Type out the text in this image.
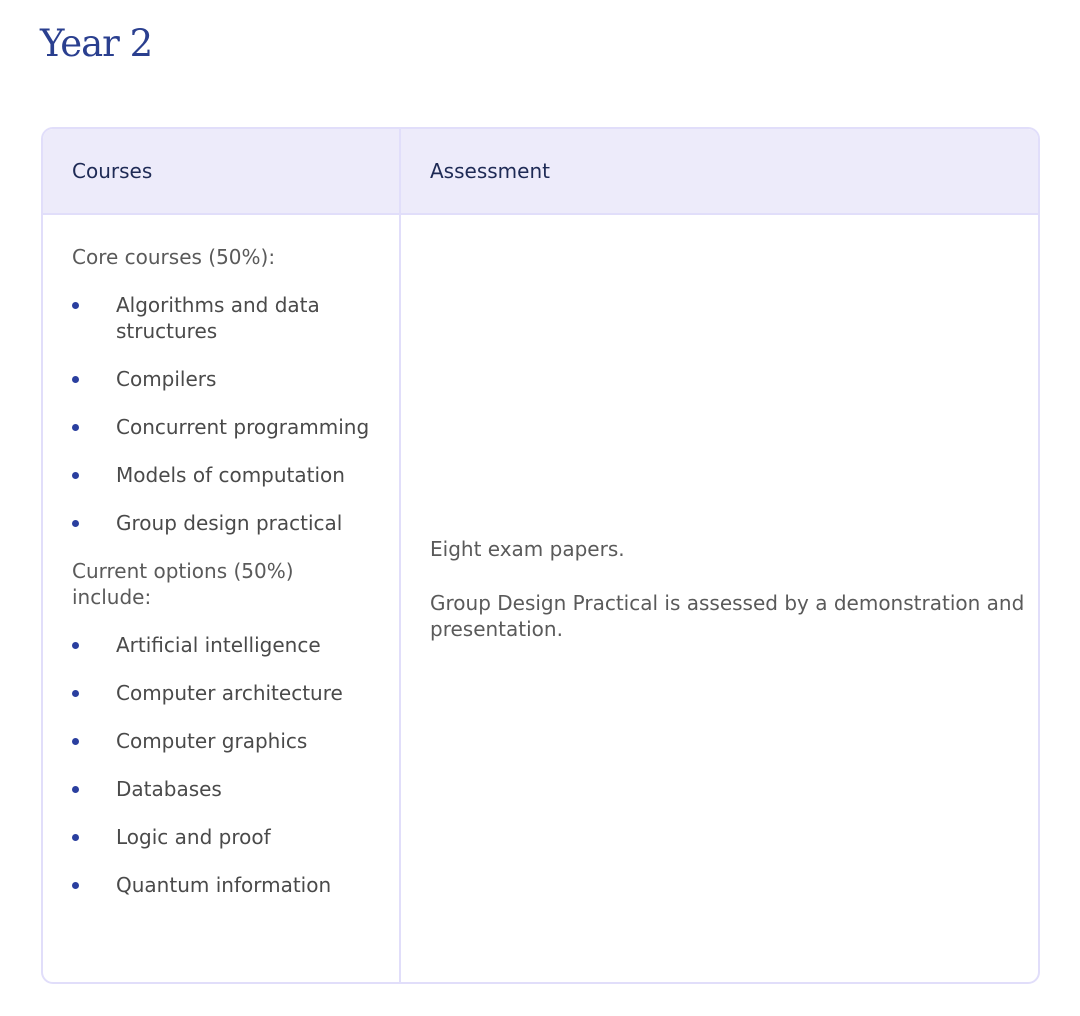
Year 2
Courses	Assessment

Core courses (50%):

Algorithms and data structures
Compilers
Concurrent programming
Models of computation
Group design practical

Current options (50%) include:

Artificial intelligence
Computer architecture
Computer graphics
Databases
Logic and proof
Quantum information

Eight exam papers.

Group Design Practical is assessed by a demonstration and presentation.
